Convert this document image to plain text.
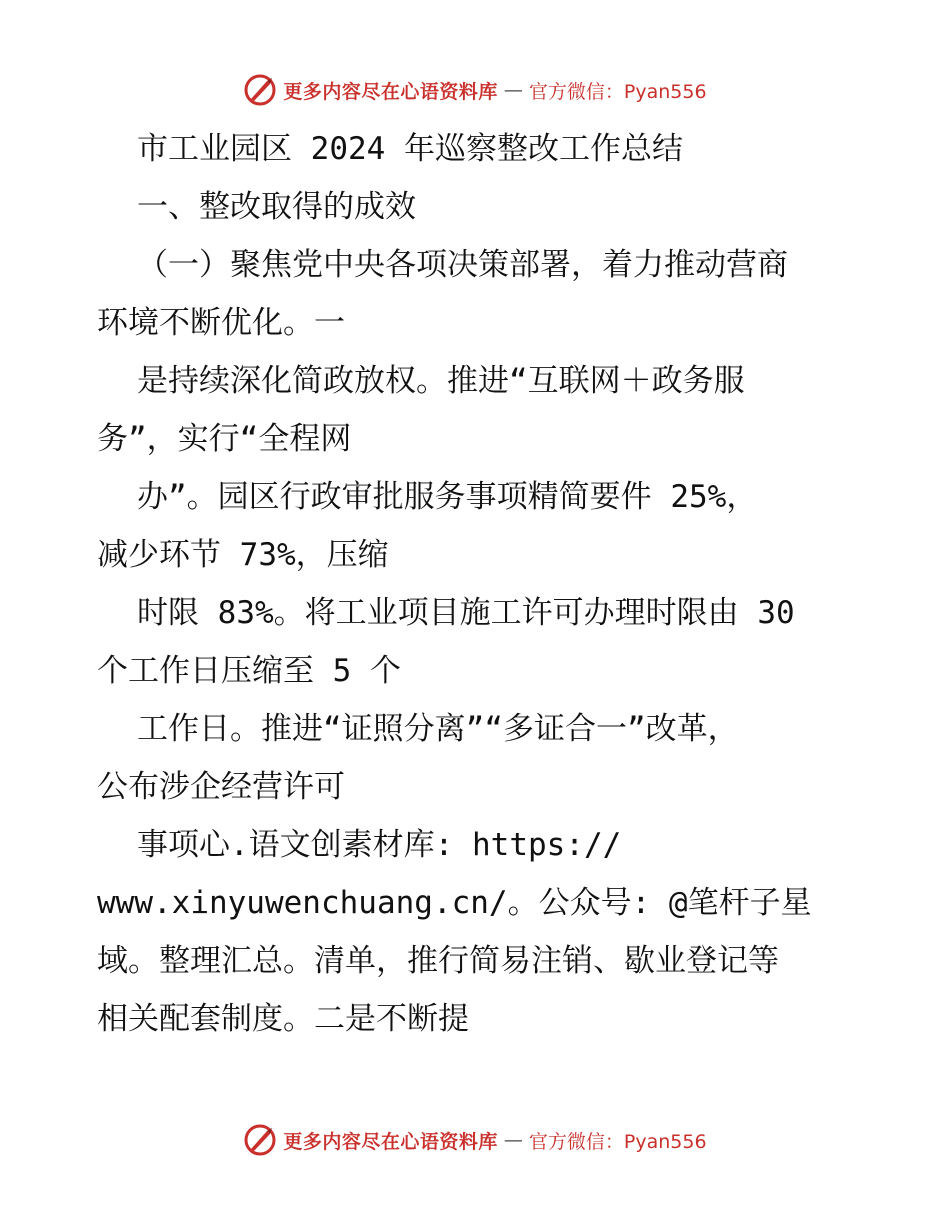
更多内容尽在心语资料库 — 官方微信：Pyan556
市工业园区 2024 年巡察整改工作总结
一、整改取得的成效
（一）聚焦党中央各项决策部署，着力推动营商
环境不断优化。一
是持续深化简政放权。推进“互联网＋政务服
务”，实行“全程网
办”。园区行政审批服务事项精简要件 25%，
减少环节 73%，压缩
时限 83%。将工业项目施工许可办理时限由 30
个工作日压缩至 5 个
工作日。推进“证照分离”“多证合一”改革，
公布涉企经营许可
事项心.语文创素材库: https://
www.xinyuwenchuang.cn/。公众号: @笔杆子星
域。整理汇总。清单，推行简易注销、歇业登记等
相关配套制度。二是不断提
更多内容尽在心语资料库 — 官方微信：Pyan556
